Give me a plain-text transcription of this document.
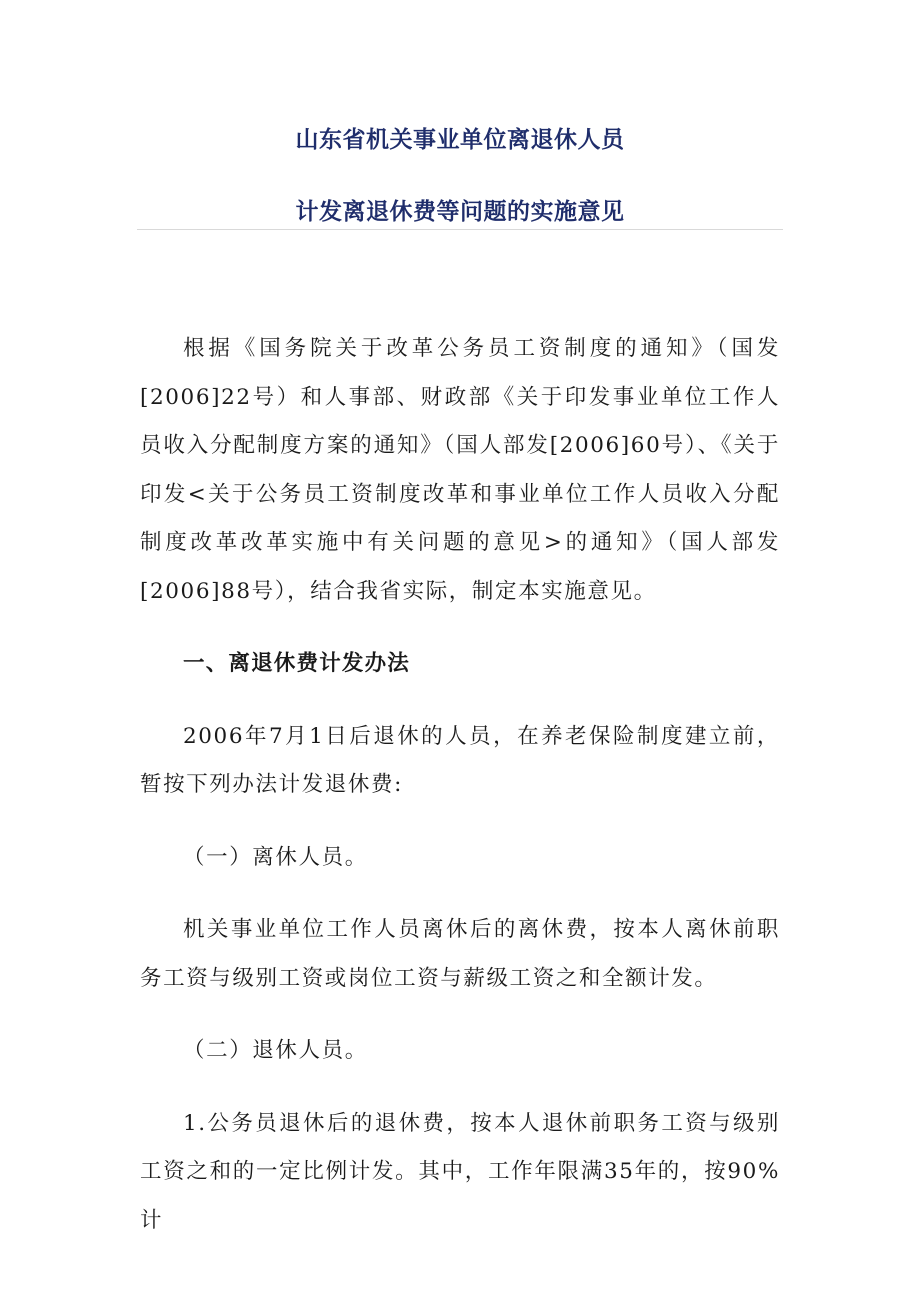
山东省机关事业单位离退休人员
计发离退休费等问题的实施意见

根据《国务院关于改革公务员工资制度的通知》（国发[2006]22号）和人事部、财政部《关于印发事业单位工作人员收入分配制度方案的通知》（国人部发[2006]60号）、《关于印发<关于公务员工资制度改革和事业单位工作人员收入分配制度改革改革实施中有关问题的意见>的通知》（国人部发[2006]88号），结合我省实际，制定本实施意见。

一、离退休费计发办法

2006年7月1日后退休的人员，在养老保险制度建立前，暂按下列办法计发退休费:

（一）离休人员。

机关事业单位工作人员离休后的离休费，按本人离休前职务工资与级别工资或岗位工资与薪级工资之和全额计发。

（二）退休人员。

1.公务员退休后的退休费，按本人退休前职务工资与级别工资之和的一定比例计发。其中，工作年限满35年的，按90%计
